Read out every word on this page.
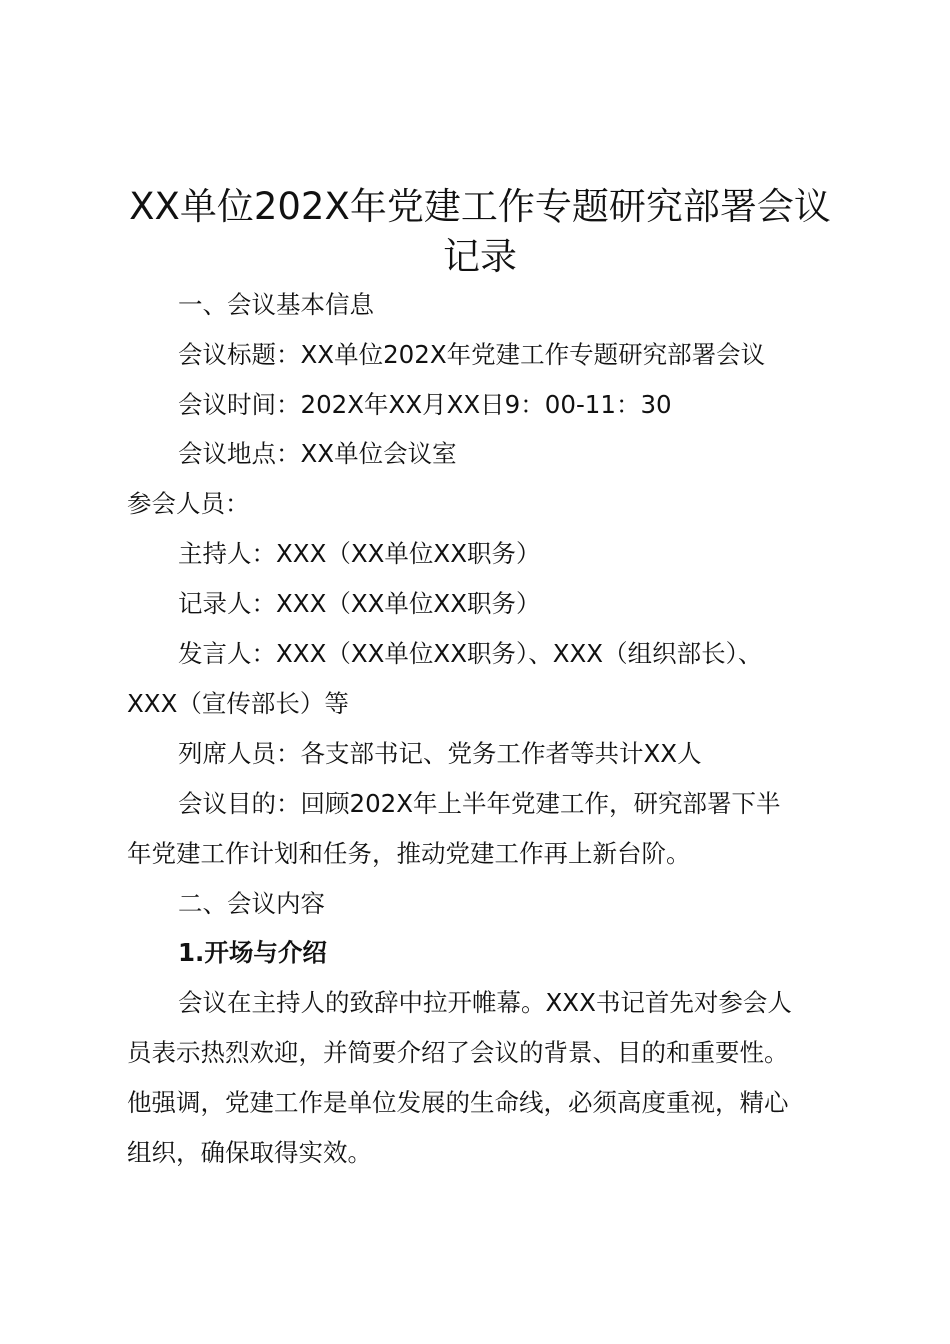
XX单位202X年党建工作专题研究部署会议
记录
一、会议基本信息
会议标题：XX单位202X年党建工作专题研究部署会议
会议时间：202X年XX月XX日9：00-11：30
会议地点：XX单位会议室
参会人员：
主持人：XXX（XX单位XX职务）
记录人：XXX（XX单位XX职务）
发言人：XXX（XX单位XX职务）、XXX（组织部长）、
XXX（宣传部长）等
列席人员：各支部书记、党务工作者等共计XX人
会议目的：回顾202X年上半年党建工作，研究部署下半
年党建工作计划和任务，推动党建工作再上新台阶。
二、会议内容
1.开场与介绍
会议在主持人的致辞中拉开帷幕。XXX书记首先对参会人
员表示热烈欢迎，并简要介绍了会议的背景、目的和重要性。
他强调，党建工作是单位发展的生命线，必须高度重视，精心
组织，确保取得实效。
